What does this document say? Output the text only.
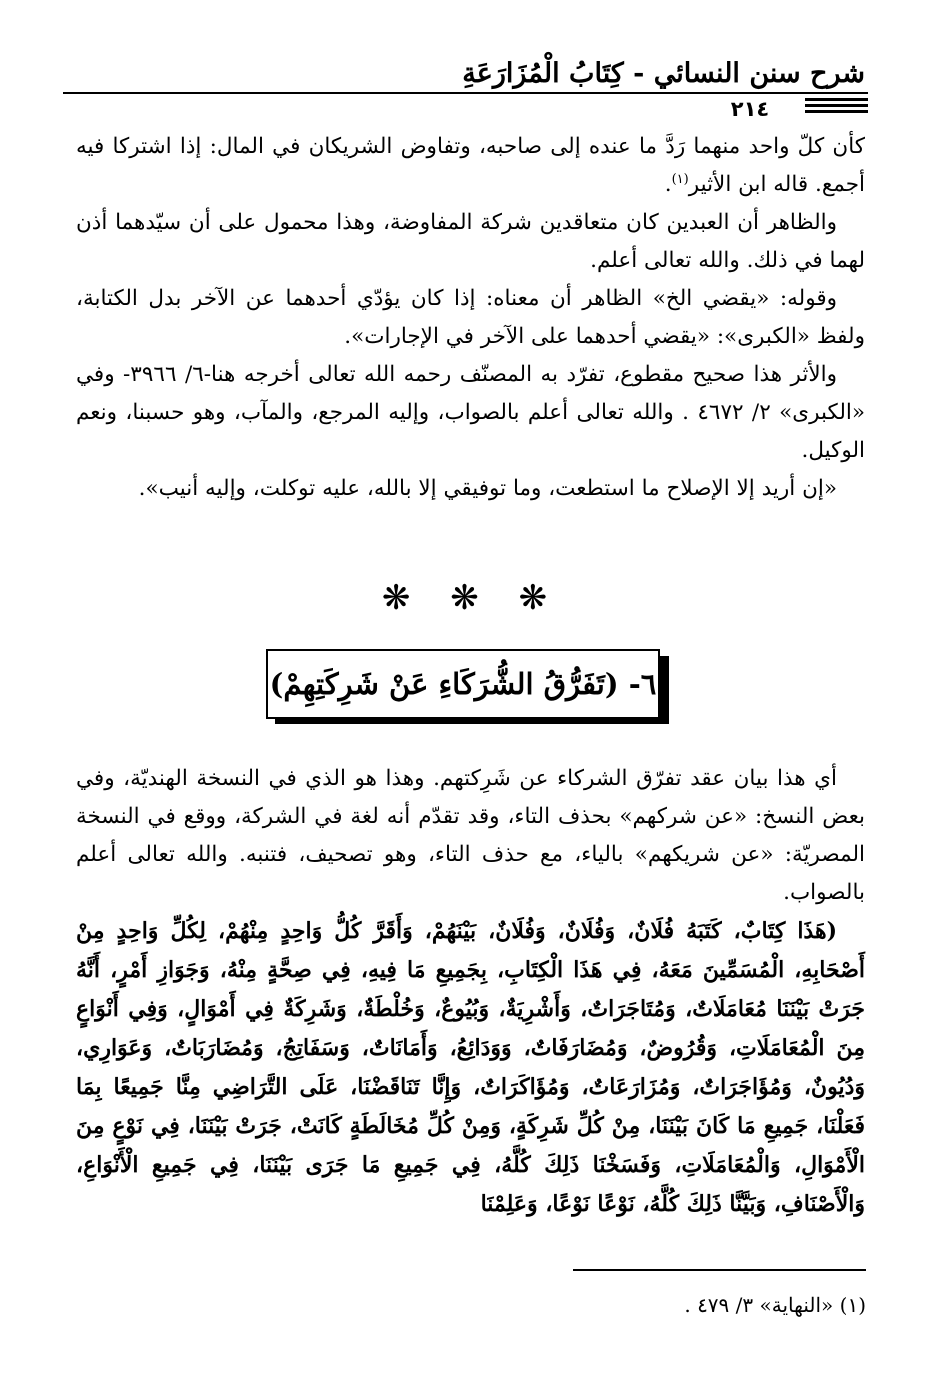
شرح سنن النسائي - كِتَابُ الْمُزَارَعَةِ
٢١٤

كأن كلّ واحد منهما رَدَّ ما عنده إلى صاحبه، وتفاوض الشريكان في المال: إذا اشتركا فيه أجمع. قاله ابن الأثير$^{(١)}$.

والظاهر أن العبدين كان متعاقدين شركة المفاوضة، وهذا محمول على أن سيّدهما أذن لهما في ذلك. والله تعالى أعلم.

وقوله: «يقضي الخ» الظاهر أن معناه: إذا كان يؤدّي أحدهما عن الآخر بدل الكتابة، ولفظ «الكبرى»: «يقضي أحدهما على الآخر في الإجارات».

والأثر هذا صحيح مقطوع، تفرّد به المصنّف رحمه الله تعالى أخرجه هنا-٦/ ٣٩٦٦- وفي «الكبرى» ٢/ ٤٦٧٢ . والله تعالى أعلم بالصواب، وإليه المرجع، والمآب، وهو حسبنا، ونعم الوكيل.

«إن أريد إلا الإصلاح ما استطعت، وما توفيقي إلا بالله، عليه توكلت، وإليه أنيب».

❋ ❋ ❋
٦- (تَفَرُّقُ الشُّرَكَاءِ عَنْ شَرِكَتِهِمْ)

أي هذا بيان عقد تفرّق الشركاء عن شَرِكتهم. وهذا هو الذي في النسخة الهنديّة، وفي بعض النسخ: «عن شركهم» بحذف التاء، وقد تقدّم أنه لغة في الشركة، ووقع في النسخة المصريّة: «عن شريكهم» بالياء، مع حذف التاء، وهو تصحيف، فتنبه. والله تعالى أعلم بالصواب.

(هَذَا كِتَابٌ، كَتَبَهُ فُلَانٌ، وَفُلَانٌ، وَفُلَانٌ، بَيْنَهُمْ، وَأَقَرَّ كُلُّ وَاحِدٍ مِنْهُمْ، لِكُلِّ وَاحِدٍ مِنْ أَصْحَابِهِ، الْمُسَمِّينَ مَعَهُ، فِي هَذَا الْكِتَابِ، بِجَمِيعِ مَا فِيهِ، فِي صِحَّةٍ مِنْهُ، وَجَوَازِ أَمْرٍ، أَنَّهُ جَرَتْ بَيْنَنَا مُعَامَلَاتٌ، وَمُتَاجَرَاتٌ، وَأَشْرِيَةٌ، وَبُيُوعٌ، وَخُلْطَةٌ، وَشَرِكَةٌ فِي أَمْوَالٍ، وَفِي أَنْوَاعٍ مِنَ الْمُعَامَلَاتِ، وَقُرُوضٌ، وَمُضَارَفَاتٌ، وَوَدَائِعُ، وَأَمَانَاتٌ، وَسَفَاتِجُ، وَمُضَارَبَاتٌ، وَعَوَارِي، وَدُيُونٌ، وَمُؤَاجَرَاتٌ، وَمُزَارَعَاتٌ، وَمُؤَاكَرَاتٌ، وَإِنَّا تَنَاقَضْنَا، عَلَى التَّرَاضِي مِنَّا جَمِيعًا بِمَا فَعَلْنَا، جَمِيعِ مَا كَانَ بَيْنَنَا، مِنْ كُلِّ شَرِكَةٍ، وَمِنْ كُلِّ مُخَالَطَةٍ كَانَتْ، جَرَتْ بَيْنَنَا، فِي نَوْعٍ مِنَ الْأَمْوَالِ، وَالْمُعَامَلَاتِ، وَفَسَخْنَا ذَلِكَ كُلَّهُ، فِي جَمِيعِ مَا جَرَى بَيْنَنَا، فِي جَمِيعِ الْأَنْوَاعِ، وَالْأَصْنَافِ، وَبَيَّنَّا ذَلِكَ كُلَّهُ، نَوْعًا نَوْعًا، وَعَلِمْنَا

(١) «النهاية» ٣/ ٤٧٩ .
